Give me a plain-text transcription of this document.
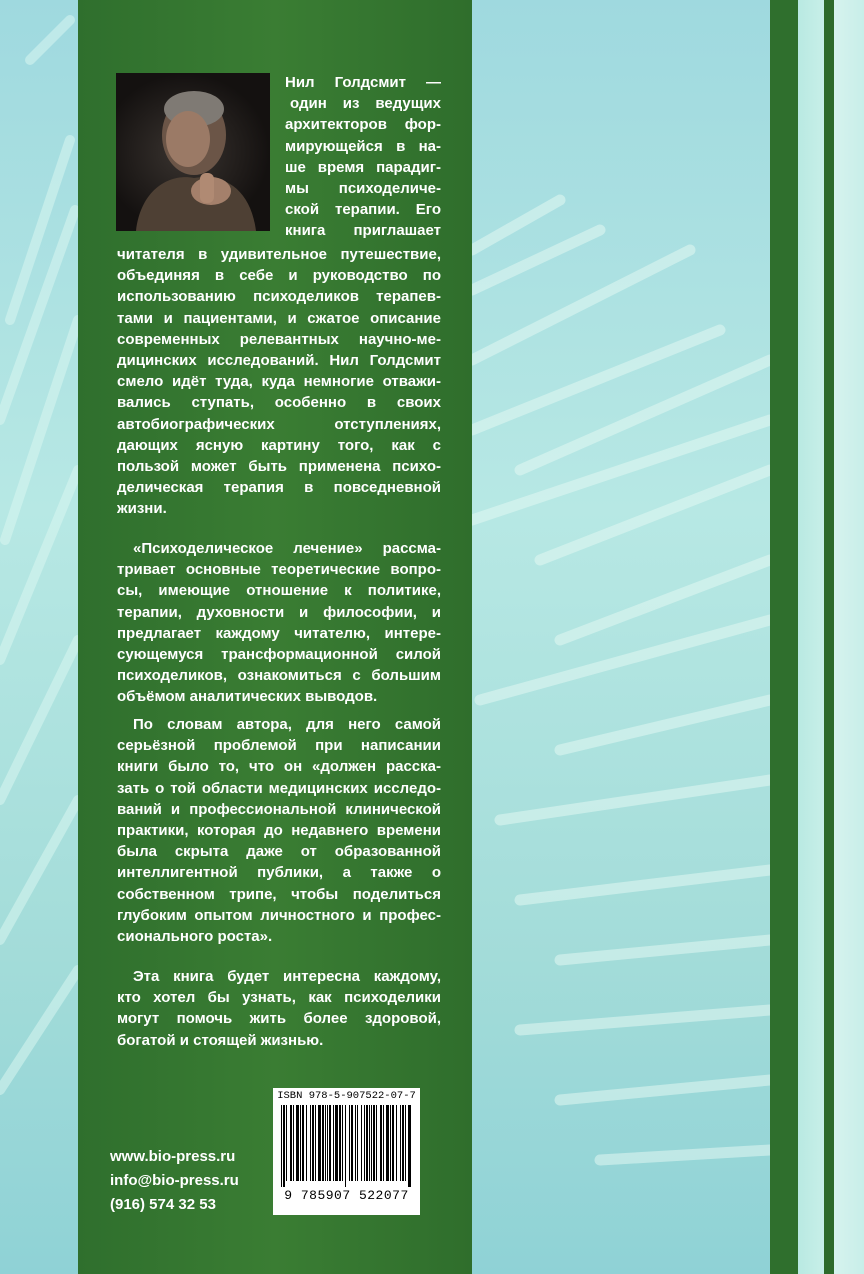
Нил Голдсмит —
один из ведущих
архитекторов фор-
мирующейся в на-
ше время парадиг-
мы психоделиче-
ской терапии. Его
книга приглашает
читателя в удивительное путешествие,
объединяя в себе и руководство по
использованию психоделиков терапев-
тами и пациентами, и сжатое описание
современных релевантных научно-ме-
дицинских исследований. Нил Голдсмит
смело идёт туда, куда немногие отважи-
вались ступать, особенно в своих
автобиографических отступлениях,
дающих ясную картину того, как с
пользой может быть применена психо-
делическая терапия в повседневной
жизни.
«Психоделическое лечение» рассма-
тривает основные теоретические вопро-
сы, имеющие отношение к политике,
терапии, духовности и философии, и
предлагает каждому читателю, интере-
сующемуся трансформационной силой
психоделиков, ознакомиться с большим
объёмом аналитических выводов.
По словам автора, для него самой
серьёзной проблемой при написании
книги было то, что он «должен расска-
зать о той области медицинских исследо-
ваний и профессиональной клинической
практики, которая до недавнего времени
была скрыта даже от образованной
интеллигентной публики, а также о
собственном трипе, чтобы поделиться
глубоким опытом личностного и профес-
сионального роста».
Эта книга будет интересна каждому,
кто хотел бы узнать, как психоделики
могут помочь жить более здоровой,
богатой и стоящей жизнью.
ISBN 978-5-907522-07-7
9 785907 522077
www.bio-press.ru
info@bio-press.ru
(916) 574 32 53
